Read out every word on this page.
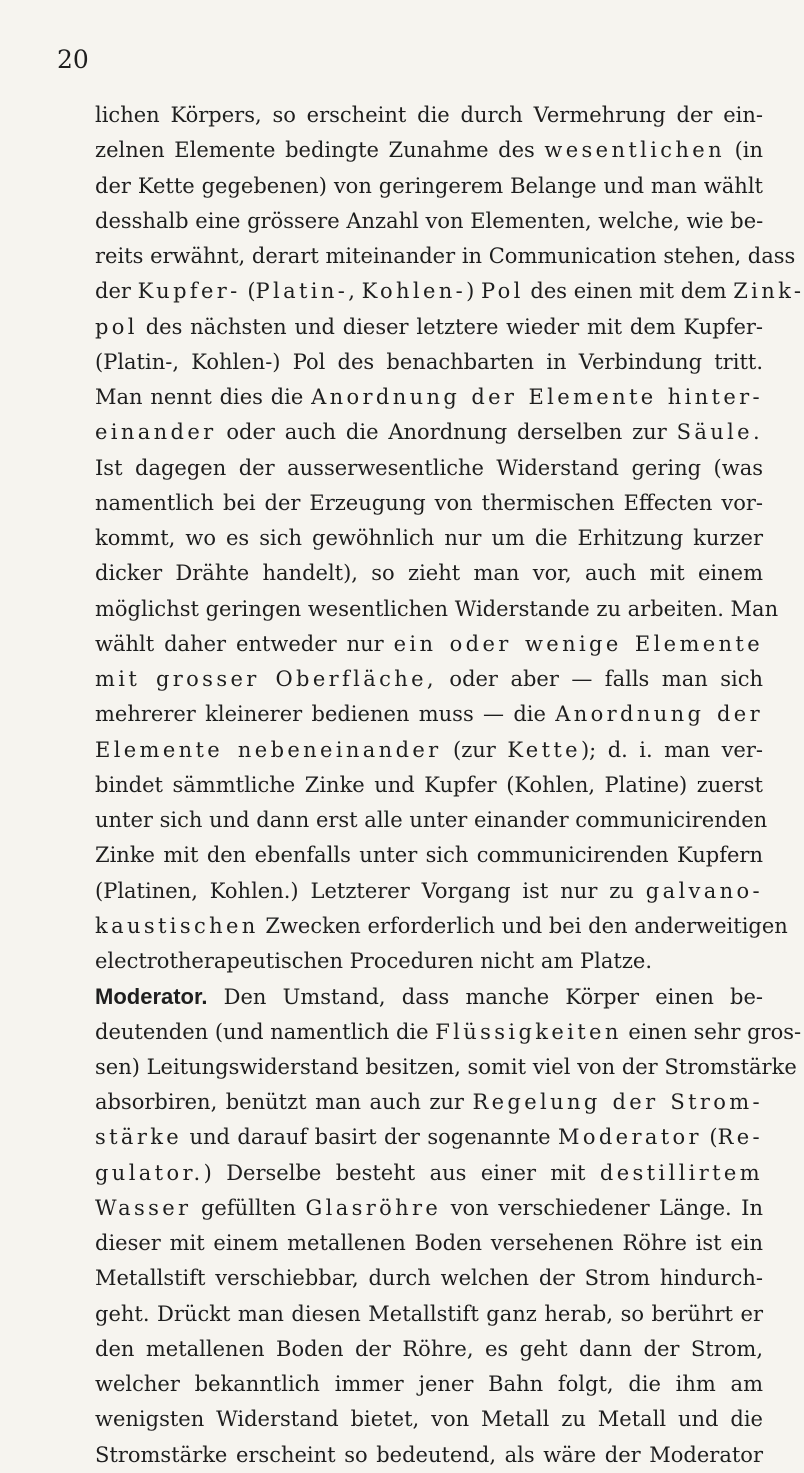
20
lichen Körpers, so erscheint die durch Vermehrung der ein-
zelnen Elemente bedingte Zunahme des wesentlichen (in
der Kette gegebenen) von geringerem Belange und man wählt
desshalb eine grössere Anzahl von Elementen, welche, wie be-
reits erwähnt, derart miteinander in Communication stehen, dass
der Kupfer- (Platin-, Kohlen-) Pol des einen mit dem Zink-
pol des nächsten und dieser letztere wieder mit dem Kupfer-
(Platin-, Kohlen-) Pol des benachbarten in Verbindung tritt.
Man nennt dies die Anordnung der Elemente hinter-
einander oder auch die Anordnung derselben zur Säule.
Ist dagegen der ausserwesentliche Widerstand gering (was
namentlich bei der Erzeugung von thermischen Effecten vor-
kommt, wo es sich gewöhnlich nur um die Erhitzung kurzer
dicker Drähte handelt), so zieht man vor, auch mit einem
möglichst geringen wesentlichen Widerstande zu arbeiten. Man
wählt daher entweder nur ein oder wenige Elemente
mit grosser Oberfläche, oder aber — falls man sich
mehrerer kleinerer bedienen muss — die Anordnung der
Elemente nebeneinander (zur Kette); d. i. man ver-
bindet sämmtliche Zinke und Kupfer (Kohlen, Platine) zuerst
unter sich und dann erst alle unter einander communicirenden
Zinke mit den ebenfalls unter sich communicirenden Kupfern
(Platinen, Kohlen.) Letzterer Vorgang ist nur zu galvano-
kaustischen Zwecken erforderlich und bei den anderweitigen
electrotherapeutischen Proceduren nicht am Platze.
Moderator. Den Umstand, dass manche Körper einen be-
deutenden (und namentlich die Flüssigkeiten einen sehr gros-
sen) Leitungswiderstand besitzen, somit viel von der Stromstärke
absorbiren, benützt man auch zur Regelung der Strom-
stärke und darauf basirt der sogenannte Moderator (Re-
gulator.) Derselbe besteht aus einer mit destillirtem
Wasser gefüllten Glasröhre von verschiedener Länge. In
dieser mit einem metallenen Boden versehenen Röhre ist ein
Metallstift verschiebbar, durch welchen der Strom hindurch-
geht. Drückt man diesen Metallstift ganz herab, so berührt er
den metallenen Boden der Röhre, es geht dann der Strom,
welcher bekanntlich immer jener Bahn folgt, die ihm am
wenigsten Widerstand bietet, von Metall zu Metall und die
Stromstärke erscheint so bedeutend, als wäre der Moderator
